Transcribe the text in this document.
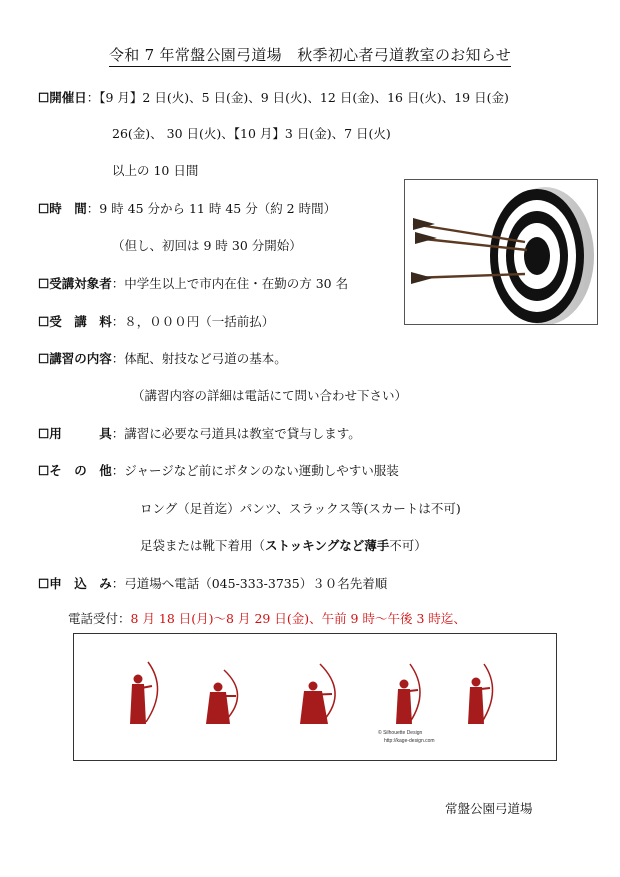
令和 7 年常盤公園弓道場　秋季初心者弓道教室のお知らせ
☐開催日：【9 月】2 日(火)、5 日(金)、9 日(火)、12 日(金)、16 日(火)、19 日(金)
26(金)、 30 日(火)、【10 月】3 日(金)、7 日(火)
以上の 10 日間
☐時　間：9 時 45 分から 11 時 45 分（約 2 時間）
（但し、初回は 9 時 30 分開始）
☐受講対象者：中学生以上で市内在住・在勤の方 30 名
☐受　講　料：８，０００円（一括前払）
☐講習の内容：体配、射技など弓道の基本。
（講習内容の詳細は電話にて問い合わせ下さい）
☐用　　　具：講習に必要な弓道具は教室で貸与します。
☐そ　の　他：ジャージなど前にボタンのない運動しやすい服装
ロング（足首迄）パンツ、スラックス等(スカートは不可)
足袋または靴下着用（ストッキングなど薄手不可）
☐申　込　み：弓道場へ電話（045-333-3735）３０名先着順
電話受付：8 月 18 日(月)～8 月 29 日(金)、午前 9 時～午後 3 時迄、
© Silhouette Design
http://kage-design.com
常盤公園弓道場
